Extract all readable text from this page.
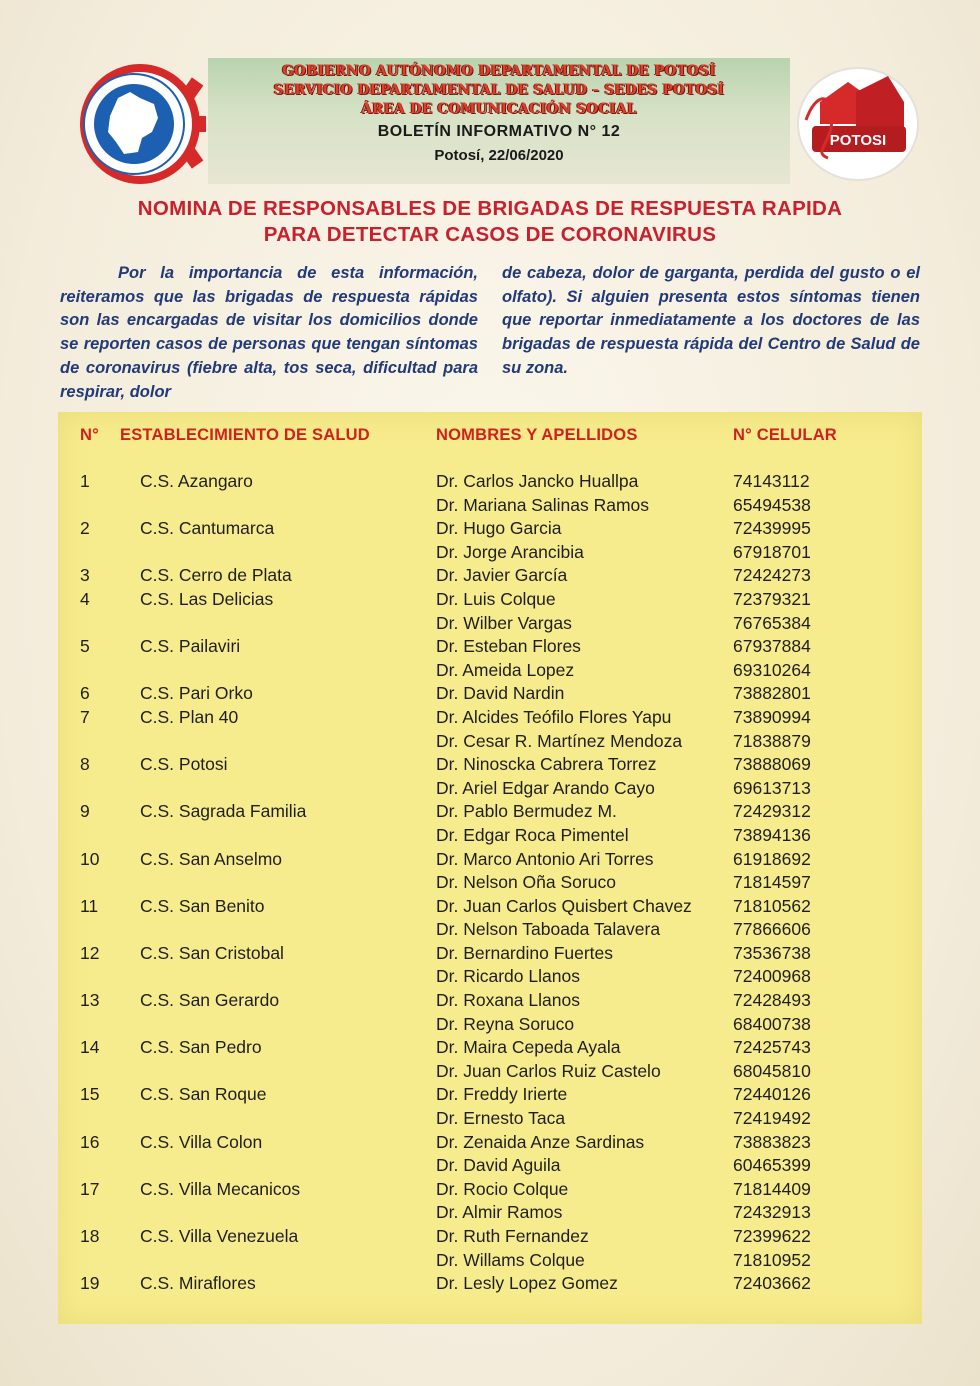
GOBIERNO AUTÓNOMO DEPARTAMENTAL DE POTOSÍ
SERVICIO DEPARTAMENTAL DE SALUD – SEDES POTOSÍ
ÁREA DE COMUNICACIÓN SOCIAL
BOLETÍN INFORMATIVO N° 12
Potosí, 22/06/2020
POTOSI
NOMINA DE RESPONSABLES DE BRIGADAS DE RESPUESTA RAPIDA
PARA DETECTAR CASOS DE CORONAVIRUS
Por la importancia de esta información, reiteramos que las brigadas de respuesta rápidas son las encargadas de visitar los domicilios donde se reporten casos de personas que tengan síntomas de coronavirus (fiebre alta, tos seca, dificultad para respirar, dolor
de cabeza, dolor de garganta, perdida del gusto o el olfato). Si alguien presenta estos síntomas tienen que reportar inmediatamente a los doctores de las brigadas de respuesta rápida del Centro de Salud de su zona.
N° ESTABLECIMIENTO DE SALUD	NOMBRES Y APELLIDOS	N° CELULAR
1	C.S. Azangaro	Dr. Carlos Jancko Huallpa	74143112
Dr. Mariana Salinas Ramos	65494538
2	C.S. Cantumarca	Dr. Hugo Garcia	72439995
Dr. Jorge Arancibia	67918701
3	C.S. Cerro de Plata	Dr. Javier García	72424273
4	C.S. Las Delicias	Dr. Luis Colque	72379321
Dr. Wilber Vargas	76765384
5	C.S. Pailaviri	Dr. Esteban Flores	67937884
Dr. Ameida Lopez	69310264
6	C.S. Pari Orko	Dr. David Nardin	73882801
7	C.S. Plan 40	Dr. Alcides Teófilo Flores Yapu	73890994
Dr. Cesar R. Martínez Mendoza	71838879
8	C.S. Potosi	Dr. Ninoscka Cabrera Torrez	73888069
Dr. Ariel Edgar Arando Cayo	69613713
9	C.S. Sagrada Familia	Dr. Pablo Bermudez M.	72429312
Dr. Edgar Roca Pimentel	73894136
10 C.S. San Anselmo	Dr. Marco Antonio Ari Torres	61918692
Dr. Nelson Oña Soruco	71814597
11 C.S. San Benito	Dr. Juan Carlos Quisbert Chavez 71810562
Dr. Nelson Taboada Talavera	77866606
12 C.S. San Cristobal	Dr. Bernardino Fuertes	73536738
Dr. Ricardo Llanos	72400968
13 C.S. San Gerardo	Dr. Roxana Llanos	72428493
Dr. Reyna Soruco	68400738
14 C.S. San Pedro	Dr. Maira Cepeda Ayala	72425743
Dr. Juan Carlos Ruiz Castelo	68045810
15 C.S. San Roque	Dr. Freddy Irierte	72440126
Dr. Ernesto Taca	72419492
16 C.S. Villa Colon	Dr. Zenaida Anze Sardinas	73883823
Dr. David Aguila	60465399
17 C.S. Villa Mecanicos	Dr. Rocio Colque	71814409
Dr. Almir Ramos	72432913
18 C.S. Villa Venezuela	Dr. Ruth Fernandez	72399622
Dr. Willams Colque	71810952
19 C.S. Miraflores	Dr. Lesly Lopez Gomez	72403662
